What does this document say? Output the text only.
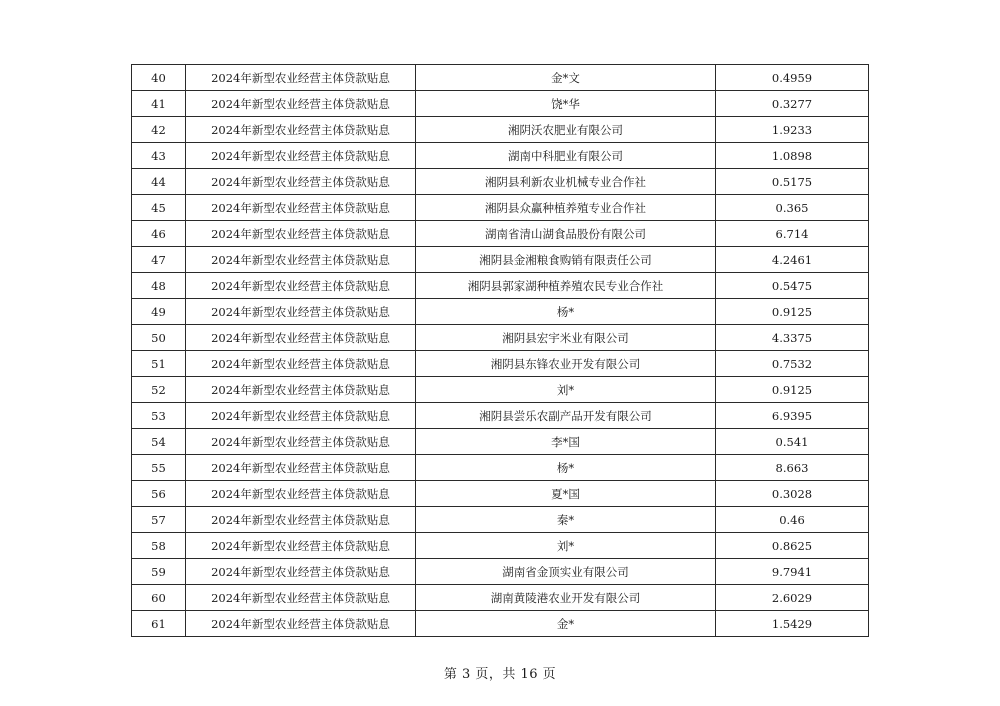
40	2024年新型农业经营主体贷款贴息	金*文	0.4959
41	2024年新型农业经营主体贷款贴息	饶*华	0.3277
42	2024年新型农业经营主体贷款贴息	湘阴沃农肥业有限公司	1.9233
43	2024年新型农业经营主体贷款贴息	湖南中科肥业有限公司	1.0898
44	2024年新型农业经营主体贷款贴息	湘阴县利新农业机械专业合作社	0.5175
45	2024年新型农业经营主体贷款贴息	湘阴县众赢种植养殖专业合作社	0.365
46	2024年新型农业经营主体贷款贴息	湖南省清山湖食品股份有限公司	6.714
47	2024年新型农业经营主体贷款贴息	湘阴县金湘粮食购销有限责任公司	4.2461
48	2024年新型农业经营主体贷款贴息	湘阴县郭家湖种植养殖农民专业合作社	0.5475
49	2024年新型农业经营主体贷款贴息	杨*	0.9125
50	2024年新型农业经营主体贷款贴息	湘阴县宏宇米业有限公司	4.3375
51	2024年新型农业经营主体贷款贴息	湘阴县东锋农业开发有限公司	0.7532
52	2024年新型农业经营主体贷款贴息	刘*	0.9125
53	2024年新型农业经营主体贷款贴息	湘阴县尝乐农副产品开发有限公司	6.9395
54	2024年新型农业经营主体贷款贴息	李*国	0.541
55	2024年新型农业经营主体贷款贴息	杨*	8.663
56	2024年新型农业经营主体贷款贴息	夏*国	0.3028
57	2024年新型农业经营主体贷款贴息	秦*	0.46
58	2024年新型农业经营主体贷款贴息	刘*	0.8625
59	2024年新型农业经营主体贷款贴息	湖南省金顶实业有限公司	9.7941
60	2024年新型农业经营主体贷款贴息	湖南黄陵港农业开发有限公司	2.6029
61	2024年新型农业经营主体贷款贴息	金*	1.5429
第 3 页，共 16 页
